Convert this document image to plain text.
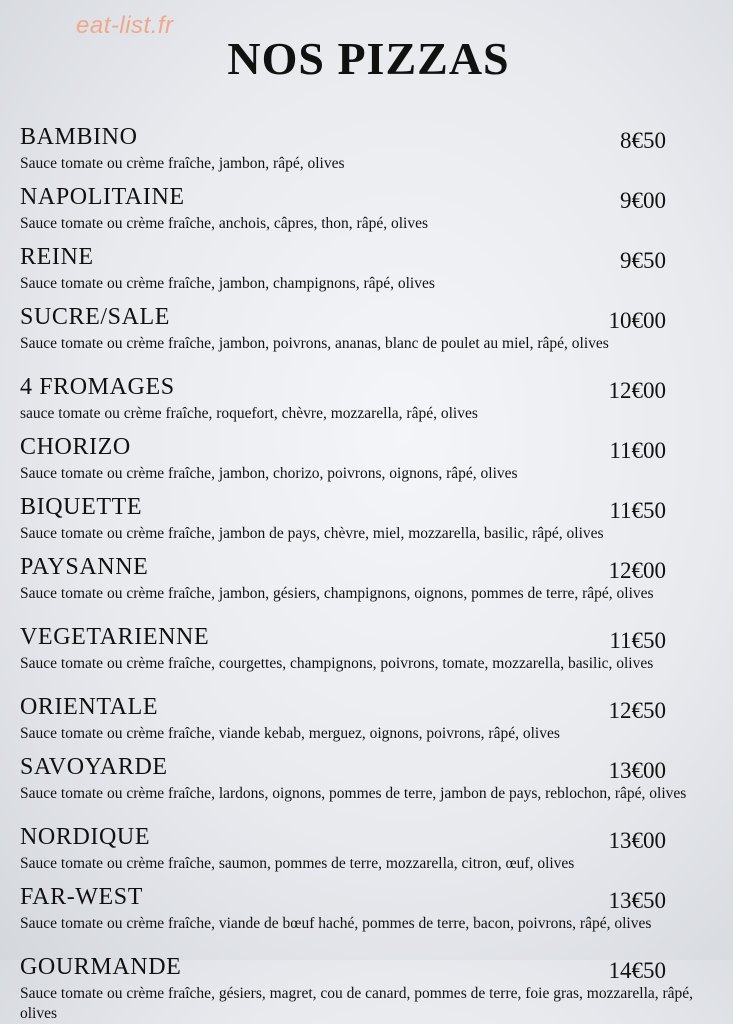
eat-list.fr
NOS PIZZAS
BAMBINO	8€50
Sauce tomate ou crème fraîche, jambon, râpé, olives
NAPOLITAINE	9€00
Sauce tomate ou crème fraîche, anchois, câpres, thon, râpé, olives
REINE	9€50
Sauce tomate ou crème fraîche, jambon, champignons, râpé, olives
SUCRE/SALE	10€00
Sauce tomate ou crème fraîche, jambon, poivrons, ananas, blanc de poulet au miel, râpé, olives
4 FROMAGES	12€00
sauce tomate ou crème fraîche, roquefort, chèvre, mozzarella, râpé, olives
CHORIZO	11€00
Sauce tomate ou crème fraîche, jambon, chorizo, poivrons, oignons, râpé, olives
BIQUETTE	11€50
Sauce tomate ou crème fraîche, jambon de pays, chèvre, miel, mozzarella, basilic, râpé, olives
PAYSANNE	12€00
Sauce tomate ou crème fraîche, jambon, gésiers, champignons, oignons, pommes de terre, râpé, olives
VEGETARIENNE	11€50
Sauce tomate ou crème fraîche, courgettes, champignons, poivrons, tomate, mozzarella, basilic, olives
ORIENTALE	12€50
Sauce tomate ou crème fraîche, viande kebab, merguez, oignons, poivrons, râpé, olives
SAVOYARDE	13€00
Sauce tomate ou crème fraîche, lardons, oignons, pommes de terre, jambon de pays, reblochon, râpé, olives
NORDIQUE	13€00
Sauce tomate ou crème fraîche, saumon, pommes de terre, mozzarella, citron, œuf, olives
FAR-WEST	13€50
Sauce tomate ou crème fraîche, viande de bœuf haché, pommes de terre, bacon, poivrons, râpé, olives
GOURMANDE	14€50
Sauce tomate ou crème fraîche, gésiers, magret, cou de canard, pommes de terre, foie gras, mozzarella, râpé, olives
